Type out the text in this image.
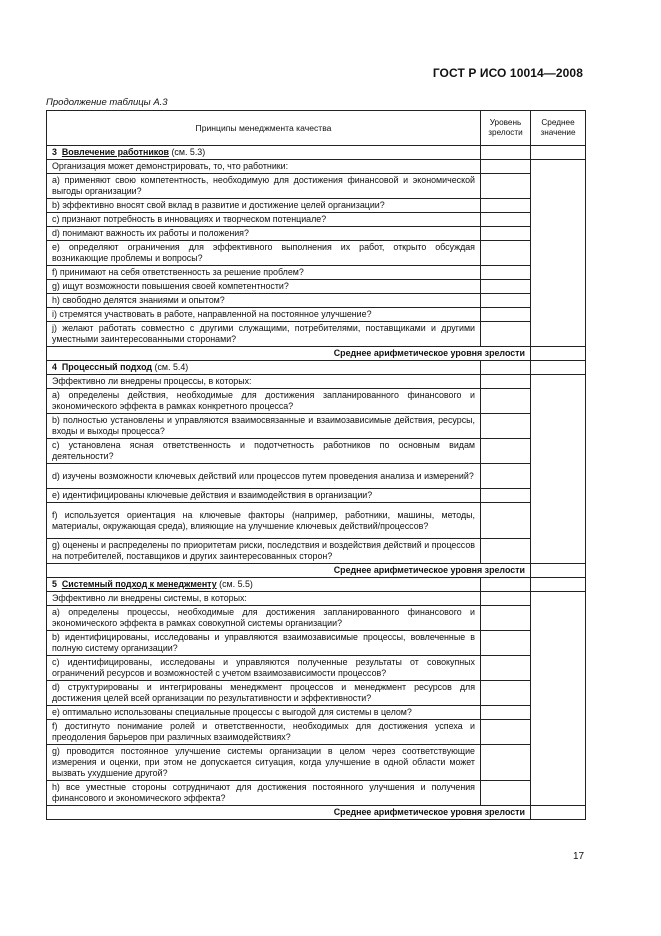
ГОСТ Р ИСО 10014—2008
Продолжение таблицы А.3
Принципы менеджмента качества	Уровень зрелости	Среднее значение
3 Вовлечение работников (см. 5.3)		
Организация может демонстрировать, то, что работники:		
а) применяют свою компетентность, необходимую для достижения финансовой и экономической выгоды организации?		
b) эффективно вносят свой вклад в развитие и достижение целей организации?		
с) признают потребность в инновациях и творческом потенциале?		
d) понимают важность их работы и положения?		
е) определяют ограничения для эффективного выполнения их работ, открыто обсуждая возникающие проблемы и вопросы?		
f) принимают на себя ответственность за решение проблем?		
g) ищут возможности повышения своей компетентности?		
h) свободно делятся знаниями и опытом?		
i) стремятся участвовать в работе, направленной на постоянное улучшение?		
j) желают работать совместно с другими служащими, потребителями, поставщиками и другими уместными заинтересованными сторонами?		
Среднее арифметическое уровня зрелости		
4 Процессный подход (см. 5.4)		
Эффективно ли внедрены процессы, в которых:		
а) определены действия, необходимые для достижения запланированного финансового и экономического эффекта в рамках конкретного процесса?		
b) полностью установлены и управляются взаимосвязанные и взаимозависимые действия, ресурсы, входы и выходы процесса?		
с) установлена ясная ответственность и подотчетность работников по основным видам деятельности?		
d) изучены возможности ключевых действий или процессов путем проведения анализа и измерений?		
е) идентифицированы ключевые действия и взаимодействия в организации?		
f) используется ориентация на ключевые факторы (например, работники, машины, методы, материалы, окружающая среда), влияющие на улучшение ключевых действий/процессов?		
g) оценены и распределены по приоритетам риски, последствия и воздействия действий и процессов на потребителей, поставщиков и других заинтересованных сторон?		
Среднее арифметическое уровня зрелости		
5 Системный подход к менеджменту (см. 5.5)		
Эффективно ли внедрены системы, в которых:		
а) определены процессы, необходимые для достижения запланированного финансового и экономического эффекта в рамках совокупной системы организации?		
b) идентифицированы, исследованы и управляются взаимозависимые процессы, вовлеченные в полную систему организации?		
с) идентифицированы, исследованы и управляются полученные результаты от совокупных ограничений ресурсов и возможностей с учетом взаимозависимости процессов?		
d) структурированы и интегрированы менеджмент процессов и менеджмент ресурсов для достижения целей всей организации по результативности и эффективности?		
е) оптимально использованы специальные процессы с выгодой для системы в целом?		
f) достигнуто понимание ролей и ответственности, необходимых для достижения успеха и преодоления барьеров при различных взаимодействиях?		
g) проводится постоянное улучшение системы организации в целом через соответствующие измерения и оценки, при этом не допускается ситуация, когда улучшение в одной области может вызвать ухудшение другой?		
h) все уместные стороны сотрудничают для достижения постоянного улучшения и получения финансового и экономического эффекта?		
Среднее арифметическое уровня зрелости		
17
